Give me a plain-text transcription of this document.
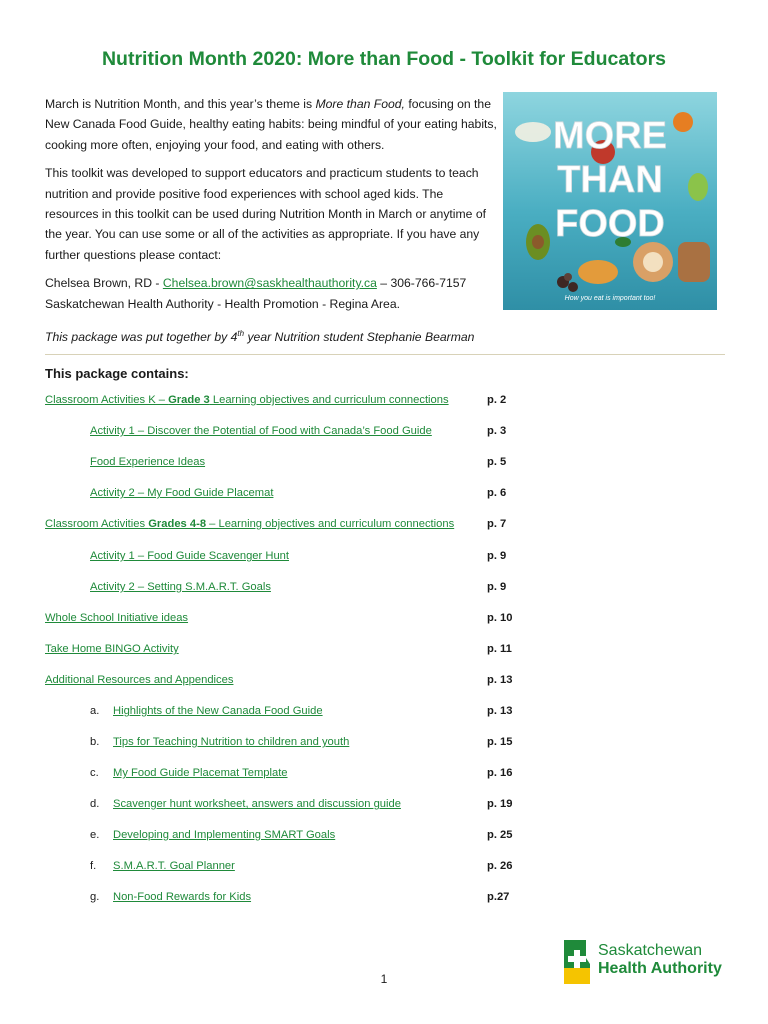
Nutrition Month 2020: More than Food - Toolkit for Educators

March is Nutrition Month, and this year’s theme is More than Food, focusing on the New Canada Food Guide, healthy eating habits: being mindful of your eating habits, cooking more often, enjoying your food, and eating with others.

This toolkit was developed to support educators and practicum students to teach nutrition and provide positive food experiences with school aged kids. The resources in this toolkit can be used during Nutrition Month in March or anytime of the year. You can use some or all of the activities as appropriate. If you have any further questions please contact:

Chelsea Brown, RD - Chelsea.brown@saskhealthauthority.ca – 306-766-7157
Saskatchewan Health Authority - Health Promotion - Regina Area.

MORE
THAN
FOOD
How you eat is important too!
This package was put together by 4th year Nutrition student Stephanie Bearman
This package contains:
Classroom Activities K – Grade 3 Learning objectives and curriculum connections	p. 2
Activity 1 – Discover the Potential of Food with Canada’s Food Guide	p. 3
Food Experience Ideas	p. 5
Activity 2 – My Food Guide Placemat	p. 6
Classroom Activities Grades 4-8 – Learning objectives and curriculum connections	p. 7
Activity 1 – Food Guide Scavenger Hunt	p. 9
Activity 2 – Setting S.M.A.R.T. Goals	p. 9
Whole School Initiative ideas	p. 10
Take Home BINGO Activity	p. 11
Additional Resources and Appendices	p. 13
a. Highlights of the New Canada Food Guide	p. 13
b. Tips for Teaching Nutrition to children and youth	p. 15
c. My Food Guide Placemat Template	p. 16
d. Scavenger hunt worksheet, answers and discussion guide	p. 19
e. Developing and Implementing SMART Goals	p. 25
f. S.M.A.R.T. Goal Planner	p. 26
g. Non-Food Rewards for Kids	p.27
1
Saskatchewan
Health Authority
